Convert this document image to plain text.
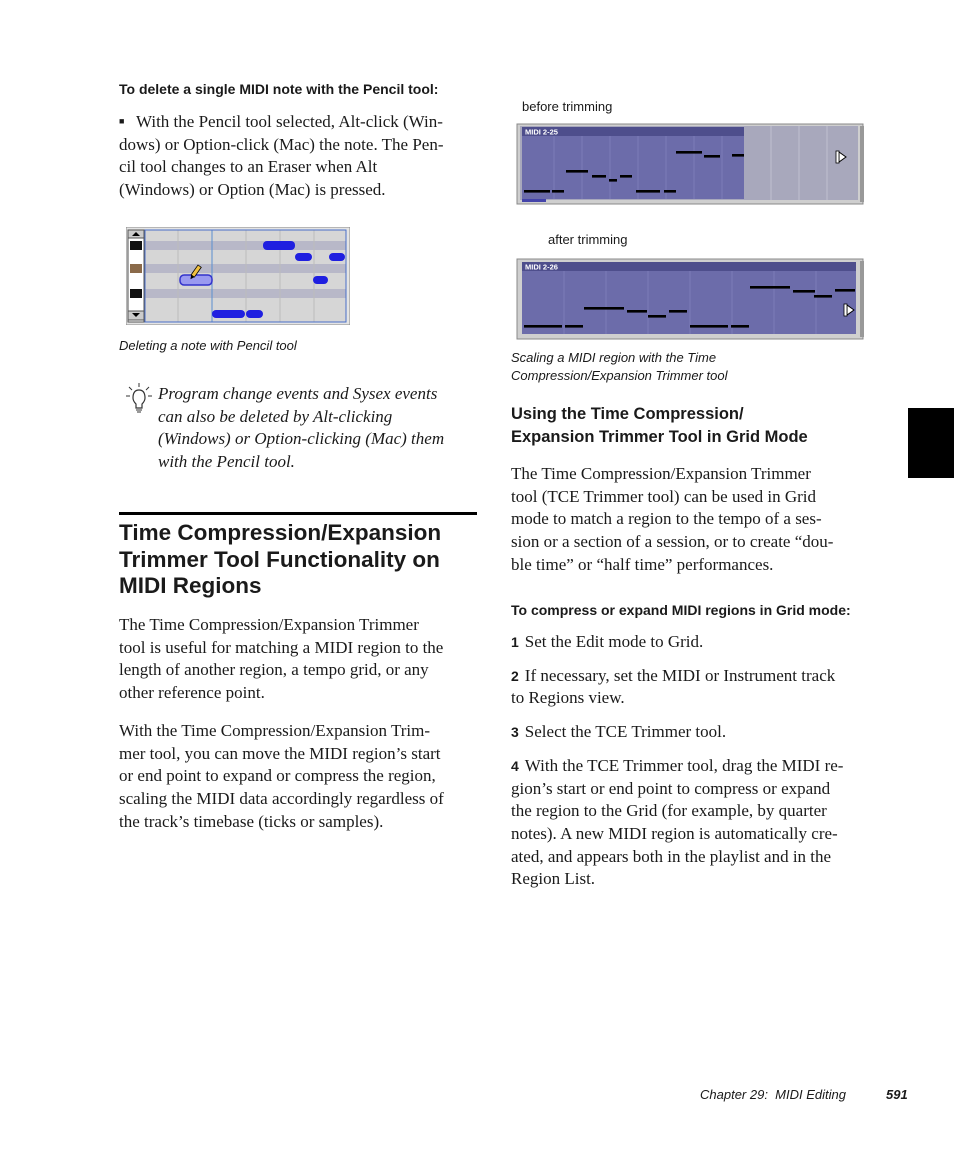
To delete a single MIDI note with the Pencil tool:
■ With the Pencil tool selected, Alt-click (Win-
dows) or Option-click (Mac) the note. The Pen-
cil tool changes to an Eraser when Alt
(Windows) or Option (Mac) is pressed.
Deleting a note with Pencil tool
Program change events and Sysex events
can also be deleted by Alt-clicking
(Windows) or Option-clicking (Mac) them
with the Pencil tool.
Time Compression/Expansion
Trimmer Tool Functionality on
MIDI Regions
The Time Compression/Expansion Trimmer
tool is useful for matching a MIDI region to the
length of another region, a tempo grid, or any
other reference point.
With the Time Compression/Expansion Trim-
mer tool, you can move the MIDI region’s start
or end point to expand or compress the region,
scaling the MIDI data accordingly regardless of
the track’s timebase (ticks or samples).
before trimming
MIDI 2-25
after trimming
MIDI 2-26
Scaling a MIDI region with the Time
Compression/Expansion Trimmer tool
Using the Time Compression/
Expansion Trimmer Tool in Grid Mode
The Time Compression/Expansion Trimmer
tool (TCE Trimmer tool) can be used in Grid
mode to match a region to the tempo of a ses-
sion or a section of a session, or to create “dou-
ble time” or “half time” performances.
To compress or expand MIDI regions in Grid mode:
1 Set the Edit mode to Grid.
2 If necessary, set the MIDI or Instrument track
to Regions view.
3 Select the TCE Trimmer tool.
4 With the TCE Trimmer tool, drag the MIDI re-
gion’s start or end point to compress or expand
the region to the Grid (for example, by quarter
notes). A new MIDI region is automatically cre-
ated, and appears both in the playlist and in the
Region List.
Chapter 29:  MIDI Editing	591
